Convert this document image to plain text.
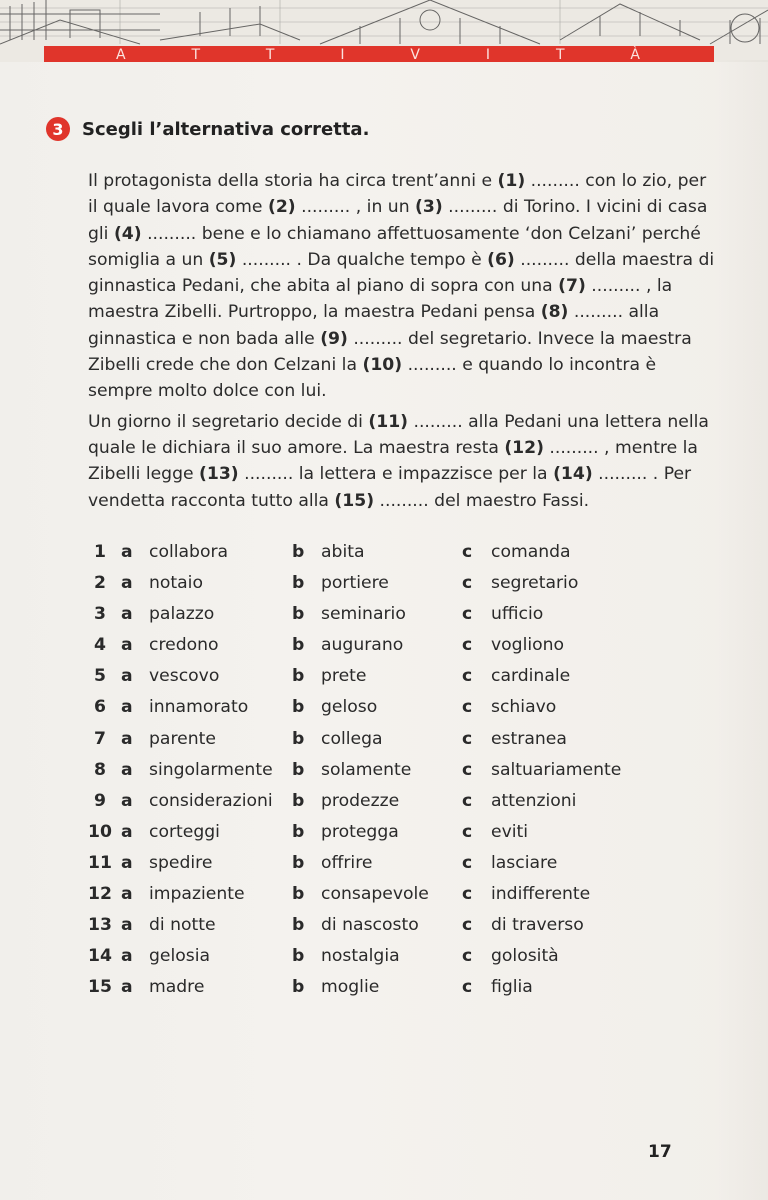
A	T	T	I	V	I	T	À
3	Scegli l’alternativa corretta.

Il protagonista della storia ha circa trent’anni e (1) ......... con lo zio, per il quale lavora come (2) ......... , in un (3) ......... di Torino. I vicini di casa gli (4) ......... bene e lo chiamano affettuosamente ‘don Celzani’ perché somiglia a un (5) ......... . Da qualche tempo è (6) ......... della maestra di ginnastica Pedani, che abita al piano di sopra con una (7) ......... , la maestra Zibelli. Purtroppo, la maestra Pedani pensa (8) ......... alla ginnastica e non bada alle (9) ......... del segretario. Invece la maestra Zibelli crede che don Celzani la (10) ......... e quando lo incontra è sempre molto dolce con lui.

Un giorno il segretario decide di (11) ......... alla Pedani una lettera nella quale le dichiara il suo amore. La maestra resta (12) ......... , mentre la Zibelli legge (13) ......... la lettera e impazzisce per la (14) ......... . Per vendetta racconta tutto alla (15) ......... del maestro Fassi.

1 a collabora	b abita	c comanda
2 a notaio	b portiere	c segretario
3 a palazzo	b seminario	c ufficio
4 a credono	b augurano	c vogliono
5 a vescovo	b prete	c cardinale
6 a innamorato	b geloso	c schiavo
7 a parente	b collega	c estranea
8 a singolarmente b solamente	c saltuariamente
9 a considerazioni b prodezze	c attenzioni
10 a corteggi	b protegga	c eviti
11 a spedire	b offrire	c lasciare
12 a impaziente	b consapevole c indifferente
13 a di notte	b di nascosto	c di traverso
14 a gelosia	b nostalgia	c golosità
15 a madre	b moglie	c figlia
17
